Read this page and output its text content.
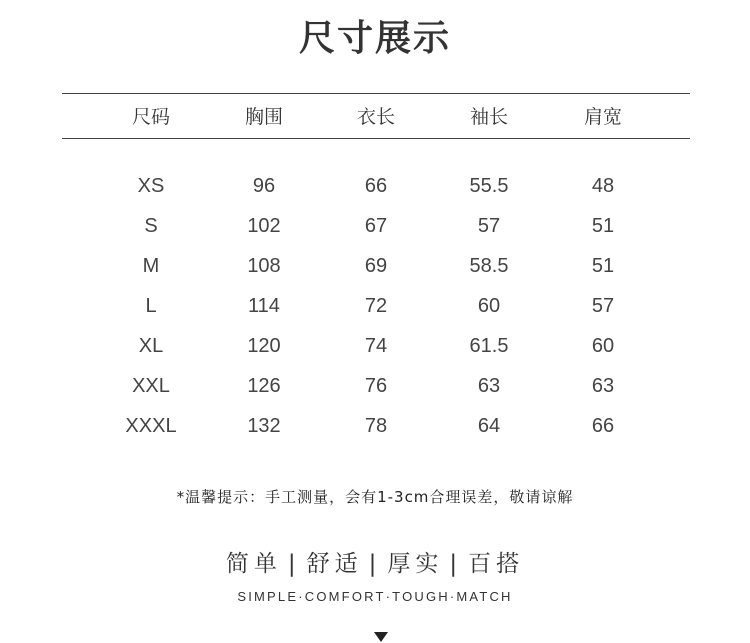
尺寸展示
尺码	胸围	衣长	袖长	肩宽
XS	96	66	55.5	48
S	102	67	57	51
M	108	69	58.5	51
L	114	72	60	57
XL	120	74	61.5	60
XXL	126	76	63	63
XXXL	132	78	64	66
*温馨提示：手工测量，会有1-3cm合理误差，敬请谅解
简单 | 舒适 | 厚实 | 百搭
SIMPLE·COMFORT·TOUGH·MATCH
